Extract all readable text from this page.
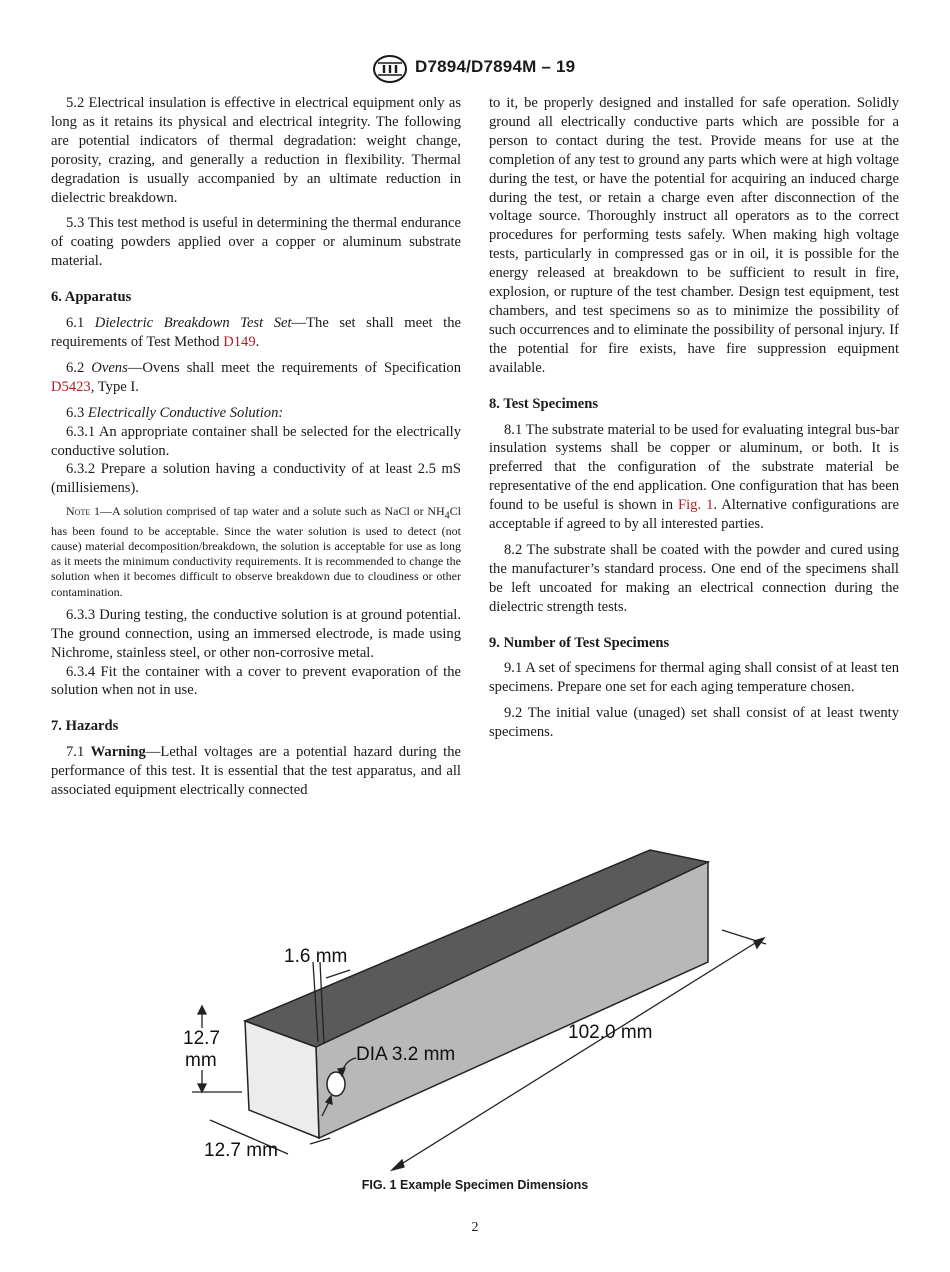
D7894/D7894M – 19

5.2 Electrical insulation is effective in electrical equipment only as long as it retains its physical and electrical integrity. The following are potential indicators of thermal degradation: weight change, porosity, crazing, and generally a reduction in flexibility. Thermal degradation is usually accompanied by an ultimate reduction in dielectric breakdown.

5.3 This test method is useful in determining the thermal endurance of coating powders applied over a copper or aluminum substrate material.

6. Apparatus

6.1 Dielectric Breakdown Test Set—The set shall meet the requirements of Test Method D149.

6.2 Ovens—Ovens shall meet the requirements of Specification D5423, Type I.

6.3 Electrically Conductive Solution:

6.3.1 An appropriate container shall be selected for the electrically conductive solution.

6.3.2 Prepare a solution having a conductivity of at least 2.5 mS (millisiemens).

Note 1—A solution comprised of tap water and a solute such as NaCl or $NH_4Cl$ has been found to be acceptable. Since the water solution is used to detect (not cause) material decomposition/breakdown, the solution is acceptable for use as long as it meets the minimum conductivity requirements. It is recommended to change the solution when it becomes difficult to observe breakdown due to cloudiness or other contamination.

6.3.3 During testing, the conductive solution is at ground potential. The ground connection, using an immersed electrode, is made using Nichrome, stainless steel, or other non-corrosive metal.

6.3.4 Fit the container with a cover to prevent evaporation of the solution when not in use.

7. Hazards

7.1 Warning—Lethal voltages are a potential hazard during the performance of this test. It is essential that the test apparatus, and all associated equipment electrically connected

to it, be properly designed and installed for safe operation. Solidly ground all electrically conductive parts which are possible for a person to contact during the test. Provide means for use at the completion of any test to ground any parts which were at high voltage during the test, or have the potential for acquiring an induced charge during the test, or retain a charge even after disconnection of the voltage source. Thoroughly instruct all operators as to the correct procedures for performing tests safely. When making high voltage tests, particularly in compressed gas or in oil, it is possible for the energy released at breakdown to be sufficient to result in fire, explosion, or rupture of the test chamber. Design test equipment, test chambers, and test specimens so as to minimize the possibility of such occurrences and to eliminate the possibility of personal injury. If the potential for fire exists, have fire suppression equipment available.

8. Test Specimens

8.1 The substrate material to be used for evaluating integral bus-bar insulation systems shall be copper or aluminum, or both. It is preferred that the configuration of the substrate material be representative of the end application. One configuration that has been found to be useful is shown in Fig. 1. Alternative configurations are acceptable if agreed to by all interested parties.

8.2 The substrate shall be coated with the powder and cured using the manufacturer’s standard process. One end of the specimens shall be left uncoated for making an electrical connection during the dielectric strength tests.

9. Number of Test Specimens

9.1 A set of specimens for thermal aging shall consist of at least ten specimens. Prepare one set for each aging temperature chosen.

9.2 The initial value (unaged) set shall consist of at least twenty specimens.

1.6 mm
12.7
mm	DIA 3.2 mm
102.0 mm
12.7 mm
FIG. 1 Example Specimen Dimensions
2
